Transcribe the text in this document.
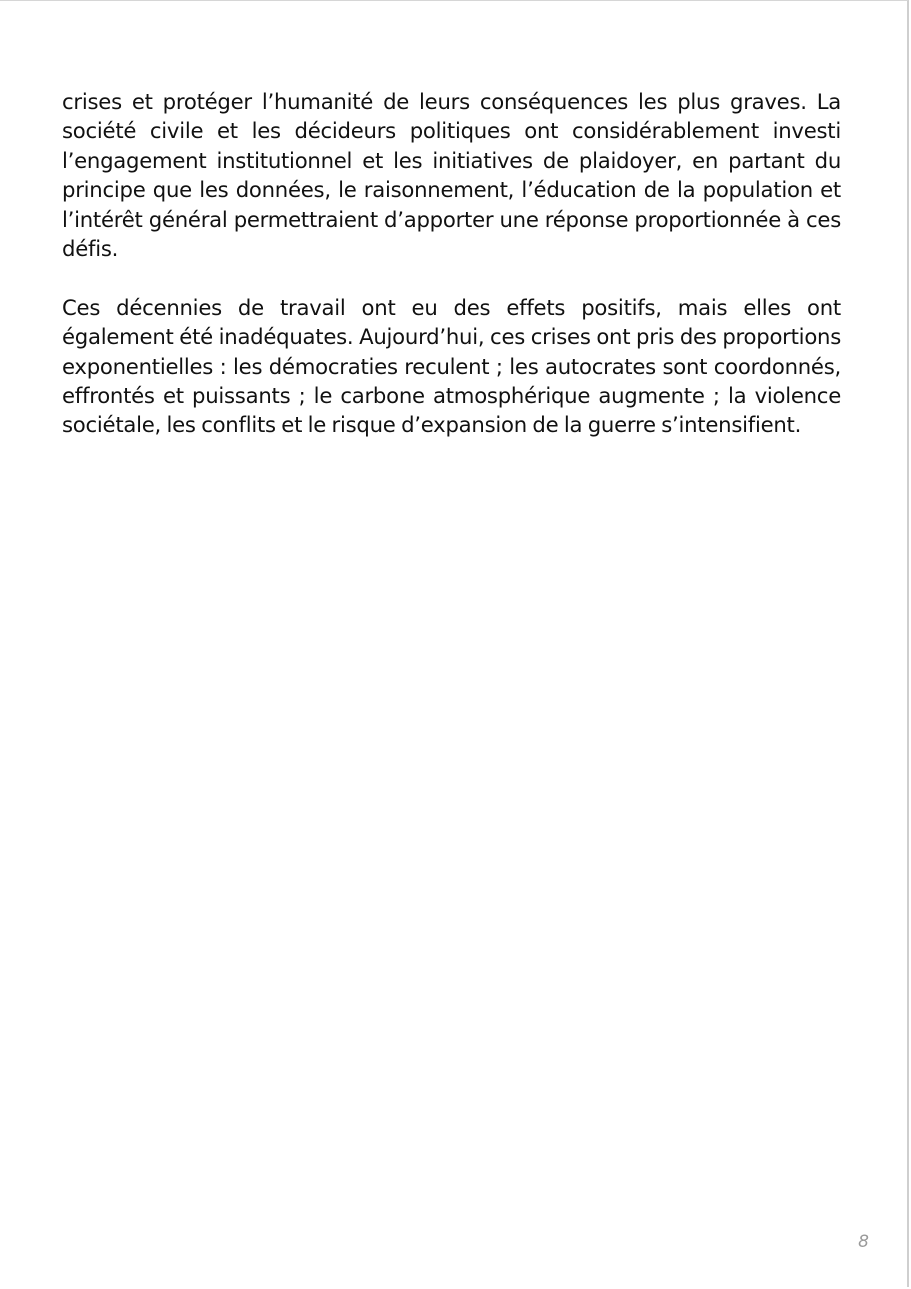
crises et protéger l’humanité de leurs conséquences les plus graves. La société civile et les décideurs politiques ont considérablement investi l’engagement institutionnel et les initiatives de plaidoyer, en partant du principe que les données, le raisonnement, l’éducation de la population et l’intérêt général permettraient d’apporter une réponse proportionnée à ces défis.

Ces décennies de travail ont eu des effets positifs, mais elles ont également été inadéquates. Aujourd’hui, ces crises ont pris des proportions exponentielles : les démocraties reculent ; les autocrates sont coordonnés, effrontés et puissants ; le carbone atmosphérique augmente ; la violence sociétale, les conflits et le risque d’expansion de la guerre s’intensifient.

8
